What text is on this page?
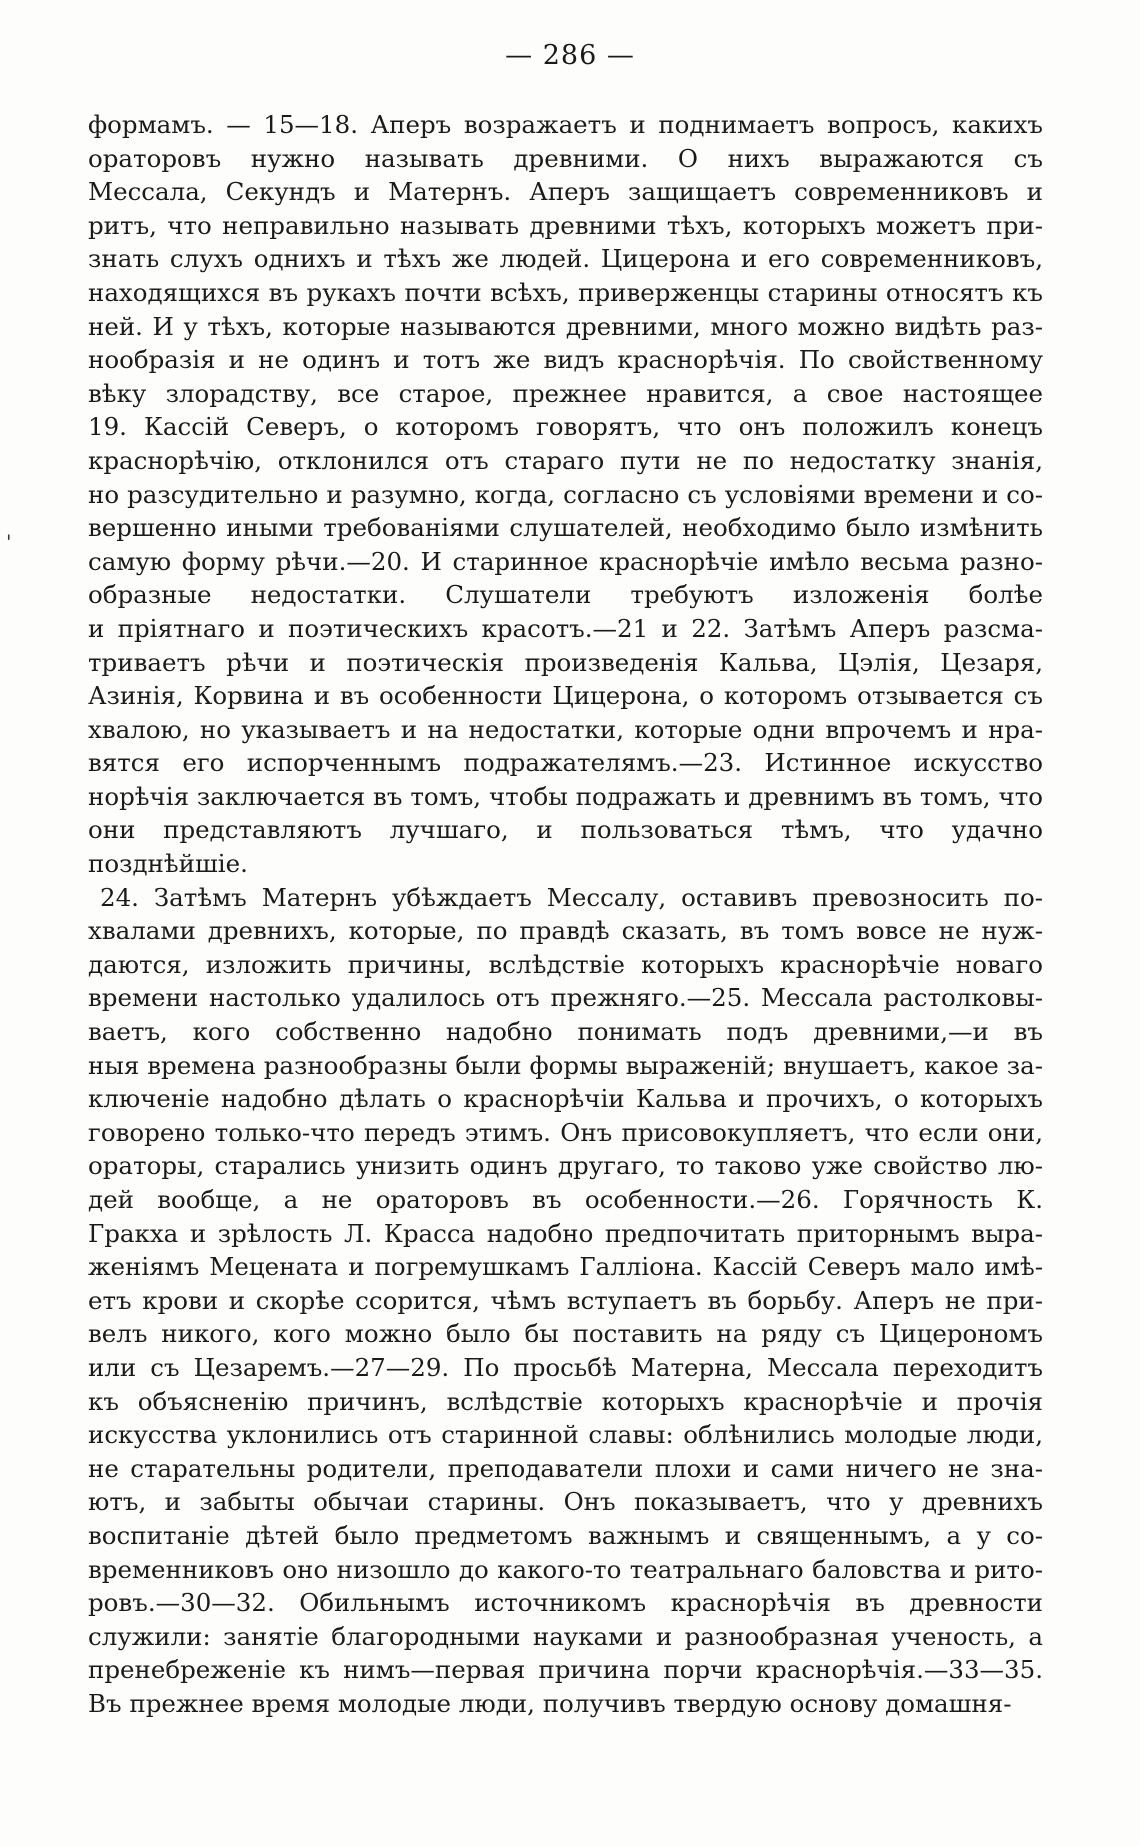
— 286 —
'
формамъ. — 15—18. Аперъ возражаетъ и поднимаетъ вопросъ, какихъ
ораторовъ нужно называть древними. О нихъ выражаются съ
Мессала, Секундъ и Матернъ. Аперъ защищаетъ современниковъ и
ритъ, что неправильно называть древними тѣхъ, которыхъ можетъ при-
знать слухъ однихъ и тѣхъ же людей. Цицерона и его современниковъ,
находящихся въ рукахъ почти всѣхъ, приверженцы старины относятъ къ
ней. И у тѣхъ, которые называются древними, много можно видѣть раз-
нообразія и не одинъ и тотъ же видъ краснорѣчія. По свойственному
вѣку злорадству, все старое, прежнее нравится, а свое настоящее
19. Кассій Северъ, о которомъ говорятъ, что онъ положилъ конецъ
краснорѣчію, отклонился отъ стараго пути не по недостатку знанія,
но разсудительно и разумно, когда, согласно съ условіями времени и со-
вершенно иными требованіями слушателей, необходимо было измѣнить
самую форму рѣчи.—20. И старинное краснорѣчіе имѣло весьма разно-
образные недостатки. Слушатели требуютъ изложенія болѣе
и пріятнаго и поэтическихъ красотъ.—21 и 22. Затѣмъ Аперъ разсма-
триваетъ рѣчи и поэтическія произведенія Кальва, Цэлія, Цезаря,
Азинія, Корвина и въ особенности Цицерона, о которомъ отзывается съ
хвалою, но указываетъ и на недостатки, которые одни впрочемъ и нра-
вятся его испорченнымъ подражателямъ.—23. Истинное искусство
норѣчія заключается въ томъ, чтобы подражать и древнимъ въ томъ, что
они представляютъ лучшаго, и пользоваться тѣмъ, что удачно
позднѣйшіе.
24. Затѣмъ Матернъ убѣждаетъ Мессалу, оставивъ превозносить по-
хвалами древнихъ, которые, по правдѣ сказать, въ томъ вовсе не нуж-
даются, изложить причины, вслѣдствіе которыхъ краснорѣчіе новаго
времени настолько удалилось отъ прежняго.—25. Мессала растолковы-
ваетъ, кого собственно надобно понимать подъ древними,—и въ
ныя времена разнообразны были формы выраженій; внушаетъ, какое за-
ключеніе надобно дѣлать о краснорѣчіи Кальва и прочихъ, о которыхъ
говорено только-что передъ этимъ. Онъ присовокупляетъ, что если они,
ораторы, старались унизить одинъ другаго, то таково уже свойство лю-
дей вообще, а не ораторовъ въ особенности.—26. Горячность К.
Гракха и зрѣлость Л. Красса надобно предпочитать приторнымъ выра-
женіямъ Мецената и погремушкамъ Галліона. Кассій Северъ мало имѣ-
етъ крови и скорѣе ссорится, чѣмъ вступаетъ въ борьбу. Аперъ не при-
велъ никого, кого можно было бы поставить на ряду съ Цицерономъ
или съ Цезаремъ.—27—29. По просьбѣ Матерна, Мессала переходитъ
къ объясненію причинъ, вслѣдствіе которыхъ краснорѣчіе и прочія
искусства уклонились отъ старинной славы: облѣнились молодые люди,
не старательны родители, преподаватели плохи и сами ничего не зна-
ютъ, и забыты обычаи старины. Онъ показываетъ, что у древнихъ
воспитаніе дѣтей было предметомъ важнымъ и священнымъ, а у со-
временниковъ оно низошло до какого-то театральнаго баловства и рито-
ровъ.—30—32. Обильнымъ источникомъ краснорѣчія въ древности
служили: занятіе благородными науками и разнообразная ученость, а
пренебреженіе къ нимъ—первая причина порчи краснорѣчія.—33—35.
Въ прежнее время молодые люди, получивъ твердую основу домашня-
